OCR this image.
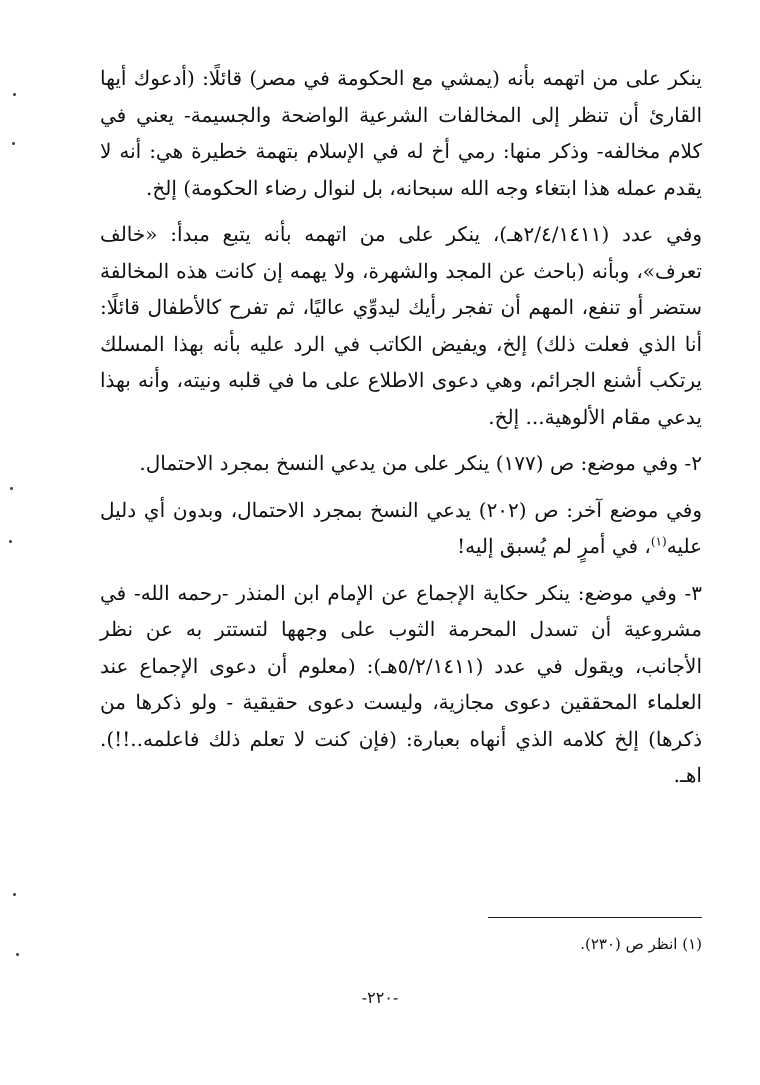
ينكر على من اتهمه بأنه (يمشي مع الحكومة في مصر) قائلًا: (أدعوك أيها القارئ أن تنظر إلى المخالفات الشرعية الواضحة والجسيمة- يعني في كلام مخالفه- وذكر منها: رمي أخ له في الإسلام بتهمة خطيرة هي: أنه لا يقدم عمله هذا ابتغاء وجه الله سبحانه، بل لنوال رضاء الحكومة) إلخ.

وفي عدد (٢/٤/١٤١١هـ)، ينكر على من اتهمه بأنه يتبع مبدأ: «خالف تعرف»، وبأنه (باحث عن المجد والشهرة، ولا يهمه إن كانت هذه المخالفة ستضر أو تنفع، المهم أن تفجر رأيك ليدوِّي عاليًا، ثم تفرح كالأطفال قائلًا: أنا الذي فعلت ذلك) إلخ، ويفيض الكاتب في الرد عليه بأنه بهذا المسلك يرتكب أشنع الجرائم، وهي دعوى الاطلاع على ما في قلبه ونيته، وأنه بهذا يدعي مقام الألوهية... إلخ.

٢- وفي موضع: ص (١٧٧) ينكر على من يدعي النسخ بمجرد الاحتمال.

وفي موضع آخر: ص (٢٠٢) يدعي النسخ بمجرد الاحتمال، وبدون أي دليل عليه$^{(١)}$، في أمرٍ لم يُسبق إليه!

٣- وفي موضع: ينكر حكاية الإجماع عن الإمام ابن المنذر -رحمه الله- في مشروعية أن تسدل المحرمة الثوب على وجهها لتستتر به عن نظر الأجانب، ويقول في عدد (٥/٢/١٤١١هـ): (معلوم أن دعوى الإجماع عند العلماء المحققين دعوى مجازية، وليست دعوى حقيقية - ولو ذكرها من ذكرها) إلخ كلامه الذي أنهاه بعبارة: (فإن كنت لا تعلم ذلك فاعلمه..!!). اهـ.

(١) انظر ص (٢٣٠).
-٢٢٠-
